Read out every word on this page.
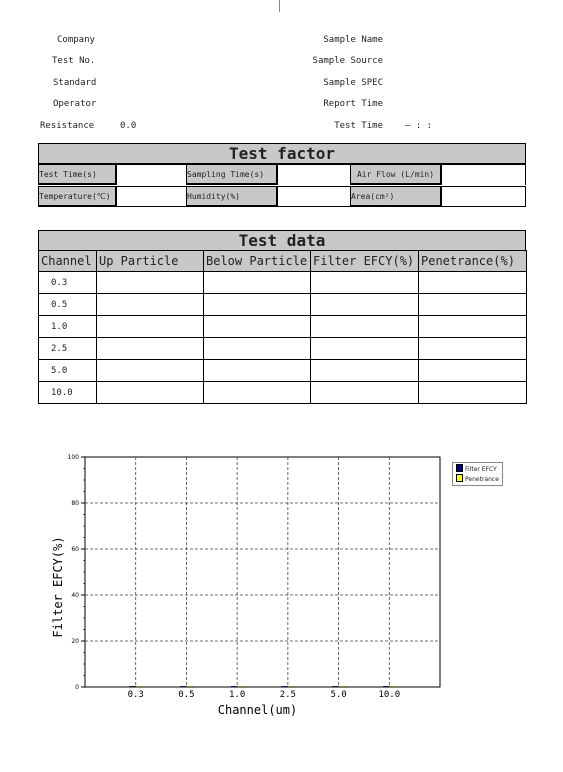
Company
Test No.
Standard
Operator
Resistance	0.0
Sample Name
Sample Source
Sample SPEC
Report Time
Test Time — : :
Test factor
Test Time(s)	Sampling Time(s)	Air Flow (L/min)
Temperature(℃)	Humidity(%)	Area(cm²)
Test data
Channel	Up Particle	Below Particle	Filter EFCY(%)	Penetrance(%)
0.3				
0.5				
1.0				
2.5				
5.0				
10.0				
0
20
40
60
80
100
0.3	0.5	1.0	2.5	5.0	10.0
Channel(um)
Filter EFCY(%)
Filter EFCY
Penetrance
